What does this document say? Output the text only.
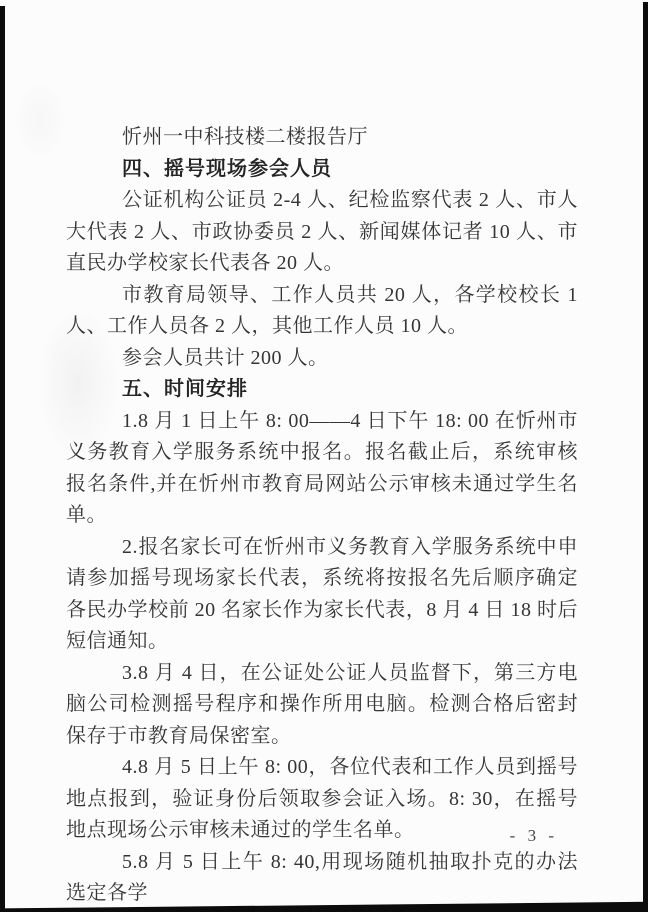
忻州一中科技楼二楼报告厅

四、摇号现场参会人员

公证机构公证员 2-4 人、纪检监察代表 2 人、市人大代表 2 人、市政协委员 2 人、新闻媒体记者 10 人、市直民办学校家长代表各 20 人。

市教育局领导、工作人员共 20 人，各学校校长 1 人、工作人员各 2 人，其他工作人员 10 人。

参会人员共计 200 人。

五、时间安排

1.8 月 1 日上午 8: 00——4 日下午 18: 00 在忻州市义务教育入学服务系统中报名。报名截止后，系统审核报名条件,并在忻州市教育局网站公示审核未通过学生名单。

2.报名家长可在忻州市义务教育入学服务系统中申请参加摇号现场家长代表，系统将按报名先后顺序确定各民办学校前 20 名家长作为家长代表，8 月 4 日 18 时后短信通知。

3.8 月 4 日，在公证处公证人员监督下，第三方电脑公司检测摇号程序和操作所用电脑。检测合格后密封保存于市教育局保密室。

4.8 月 5 日上午 8: 00，各位代表和工作人员到摇号地点报到，验证身份后领取参会证入场。8: 30，在摇号地点现场公示审核未通过的学生名单。

5.8 月 5 日上午 8: 40,用现场随机抽取扑克的办法选定各学

- 3 -
